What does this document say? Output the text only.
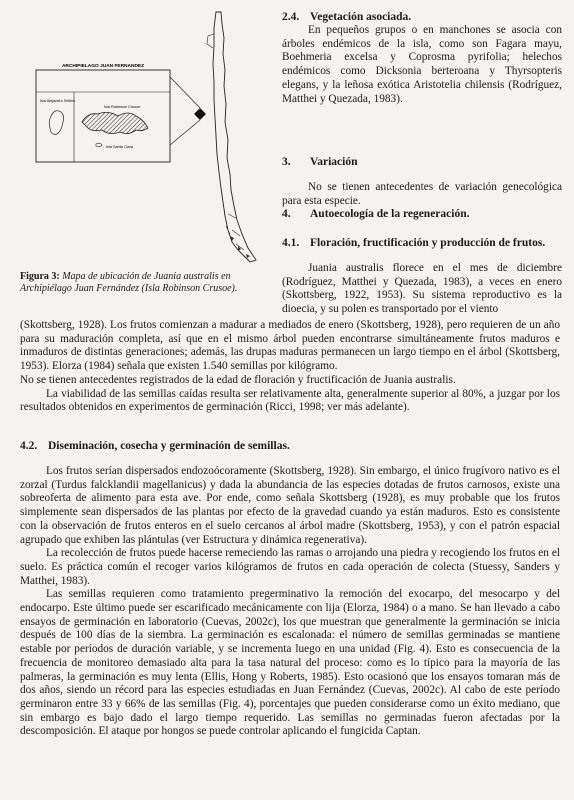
ARCHIPIELAGO JUAN FERNANDEZ
Isla Alejandro Selkirk
Isla Robinson Crusoe
Isla Santa Clara
Figura 3: Mapa de ubicación de Juania australis en Archipiélago Juan Fernández (Isla Robinson Crusoe).
2.4. Vegetación asociada.

En pequeños grupos o en manchones se asocia con árboles endémicos de la isla, como son Fagara mayu, Boehmeria excelsa y Coprosma pyrifolia; helechos endémicos como Dicksonia berteroana y Thyrsopteris elegans, y la leñosa exótica Aristotelia chilensis (Rodríguez, Matthei y Quezada, 1983).

3.	Variación

No se tienen antecedentes de variación genecológica para esta especie.

4.	Autoecología de la regeneración.
4.1. Floración, fructificación y producción de frutos.

Juania australis florece en el mes de diciembre (Rodríguez, Matthei y Quezada, 1983), a veces en enero (Skottsberg, 1922, 1953). Su sistema reproductivo es la dioecia, y su polen es transportado por el viento

(Skottsberg, 1928). Los frutos comienzan a madurar a mediados de enero (Skottsberg, 1928), pero requieren de un año para su maduración completa, así que en el mismo árbol pueden encontrarse simultáneamente frutos maduros e inmaduros de distintas generaciones; además, las drupas maduras permanecen un largo tiempo en el árbol (Skottsberg, 1953). Elorza (1984) señala que existen 1.540 semillas por kilógramo.

No se tienen antecedentes registrados de la edad de floración y fructificación de Juania australis.

La viabilidad de las semillas caídas resulta ser relativamente alta, generalmente superior al 80%, a juzgar por los resultados obtenidos en experimentos de germinación (Ricci, 1998; ver más adelante).

4.2. Diseminación, cosecha y germinación de semillas.

Los frutos serían dispersados endozoócoramente (Skottsberg, 1928). Sin embargo, el único frugívoro nativo es el zorzal (Turdus falcklandii magellanicus) y dada la abundancia de las especies dotadas de frutos carnosos, existe una sobreoferta de alimento para esta ave. Por ende, como señala Skottsberg (1928), es muy probable que los frutos simplemente sean dispersados de las plantas por efecto de la gravedad cuando ya están maduros. Esto es consistente con la observación de frutos enteros en el suelo cercanos al árbol madre (Skottsberg, 1953), y con el patrón espacial agrupado que exhiben las plántulas (ver Estructura y dinámica regenerativa).

La recolección de frutos puede hacerse remeciendo las ramas o arrojando una piedra y recogiendo los frutos en el suelo. Es práctica común el recoger varios kilógramos de frutos en cada operación de colecta (Stuessy, Sanders y Matthei, 1983).

Las semillas requieren como tratamiento pregerminativo la remoción del exocarpo, del mesocarpo y del endocarpo. Este último puede ser escarificado mecánicamente con lija (Elorza, 1984) o a mano. Se han llevado a cabo ensayos de germinación en laboratorio (Cuevas, 2002c), los que muestran que generalmente la germinación se inicia después de 100 días de la siembra. La germinación es escalonada: el número de semillas germinadas se mantiene estable por períodos de duración variable, y se incrementa luego en una unidad (Fig. 4). Esto es consecuencia de la frecuencia de monitoreo demasiado alta para la tasa natural del proceso: como es lo típico para la mayoría de las palmeras, la germinación es muy lenta (Ellis, Hong y Roberts, 1985). Esto ocasionó que los ensayos tomaran más de dos años, siendo un récord para las especies estudiadas en Juan Fernández (Cuevas, 2002c). Al cabo de este período germinaron entre 33 y 66% de las semillas (Fig. 4), porcentajes que pueden considerarse como un éxito mediano, que sin embargo es bajo dado el largo tiempo requerido. Las semillas no germinadas fueron afectadas por la descomposición. El ataque por hongos se puede controlar aplicando el fungicida Captan.
